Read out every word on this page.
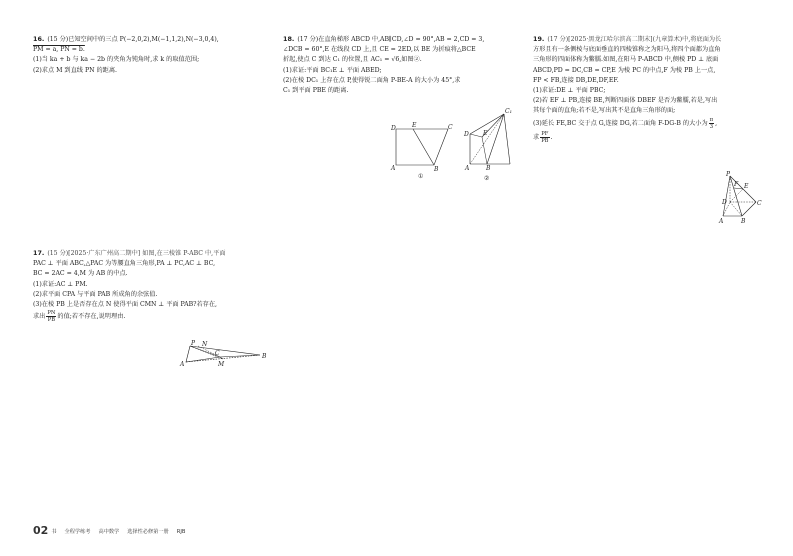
16. (15 分)已知空间中的三点 P(−2,0,2),M(−1,1,2),N(−3,0,4),
PM = a, PN = b.
(1)当 ka + b 与 ka − 2b 的夹角为钝角时,求 k 的取值范围;
(2)求点 M 到直线 PN 的距离.
17. (15 分)[2025·广东广州高二期中] 如图,在三棱锥 P-ABC 中,平面
PAC ⊥ 平面 ABC,△PAC 为等腰直角三角形,PA ⊥ PC,AC ⊥ BC,
BC = 2AC = 4,M 为 AB 的中点.
(1)求证:AC ⊥ PM.
(2)求平面 CPA 与平面 PAB 所成角的余弦值.
(3)在棱 PB 上是否存在点 N 使得平面 CMN ⊥ 平面 PAB?若存在,
求出 $\frac{PN}{PB}$ 的值;若不存在,说明理由.
P N
A
C
M
B
18. (17 分)在直角梯形 ABCD 中,AB∥CD,∠D = 90°,AB = 2,CD = 3,
∠DCB = 60°,E 在线段 CD 上,且 CE = 2ED,以 BE 为折痕将△BCE
折起,使点 C 到达 C₁ 的位置,且 AC₁ = √6,如图②.
(1)求证:平面 BC₁E ⊥ 平面 ABED;
(2)在棱 DC₁ 上存在点 P,使得锐二面角 P-BE-A 的大小为 45°,求
C₁ 到平面 PBE 的距离.
D	E	C
A	B
①
C₁
D E
A	B
②
19. (17 分)[2025·黑龙江哈尔滨高二期末](九章算术)中,将底面为长
方形且有一条侧棱与底面垂直的四棱锥称之为阳马,将四个面都为直角
三角形的四面体称为鳖臑.如图,在阳马 P-ABCD 中,侧棱 PD ⊥ 底面
ABCD,PD = DC,CB = CP,E 为棱 PC 的中点,F 为棱 PB 上一点,
FP < FB,连接 DB,DE,DF,EF.
(1)求证:DE ⊥ 平面 PBC;
(2)若 EF ⊥ PB,连接 BE,判断四面体 DBEF 是否为鳖臑,若是,写出
其每个面的直角;若不是,写出其不是直角三角形的面;
(3)延长 FE,BC 交于点 G,连接 DG,若二面角 F-DG-B 的大小为 $\frac{\pi}{3}$ ,
求 $\frac{PF}{PB}$ .
P
F E
D	C
A	B
02 书 全程学练考 高中数学 选择性必修第一册 RJB
